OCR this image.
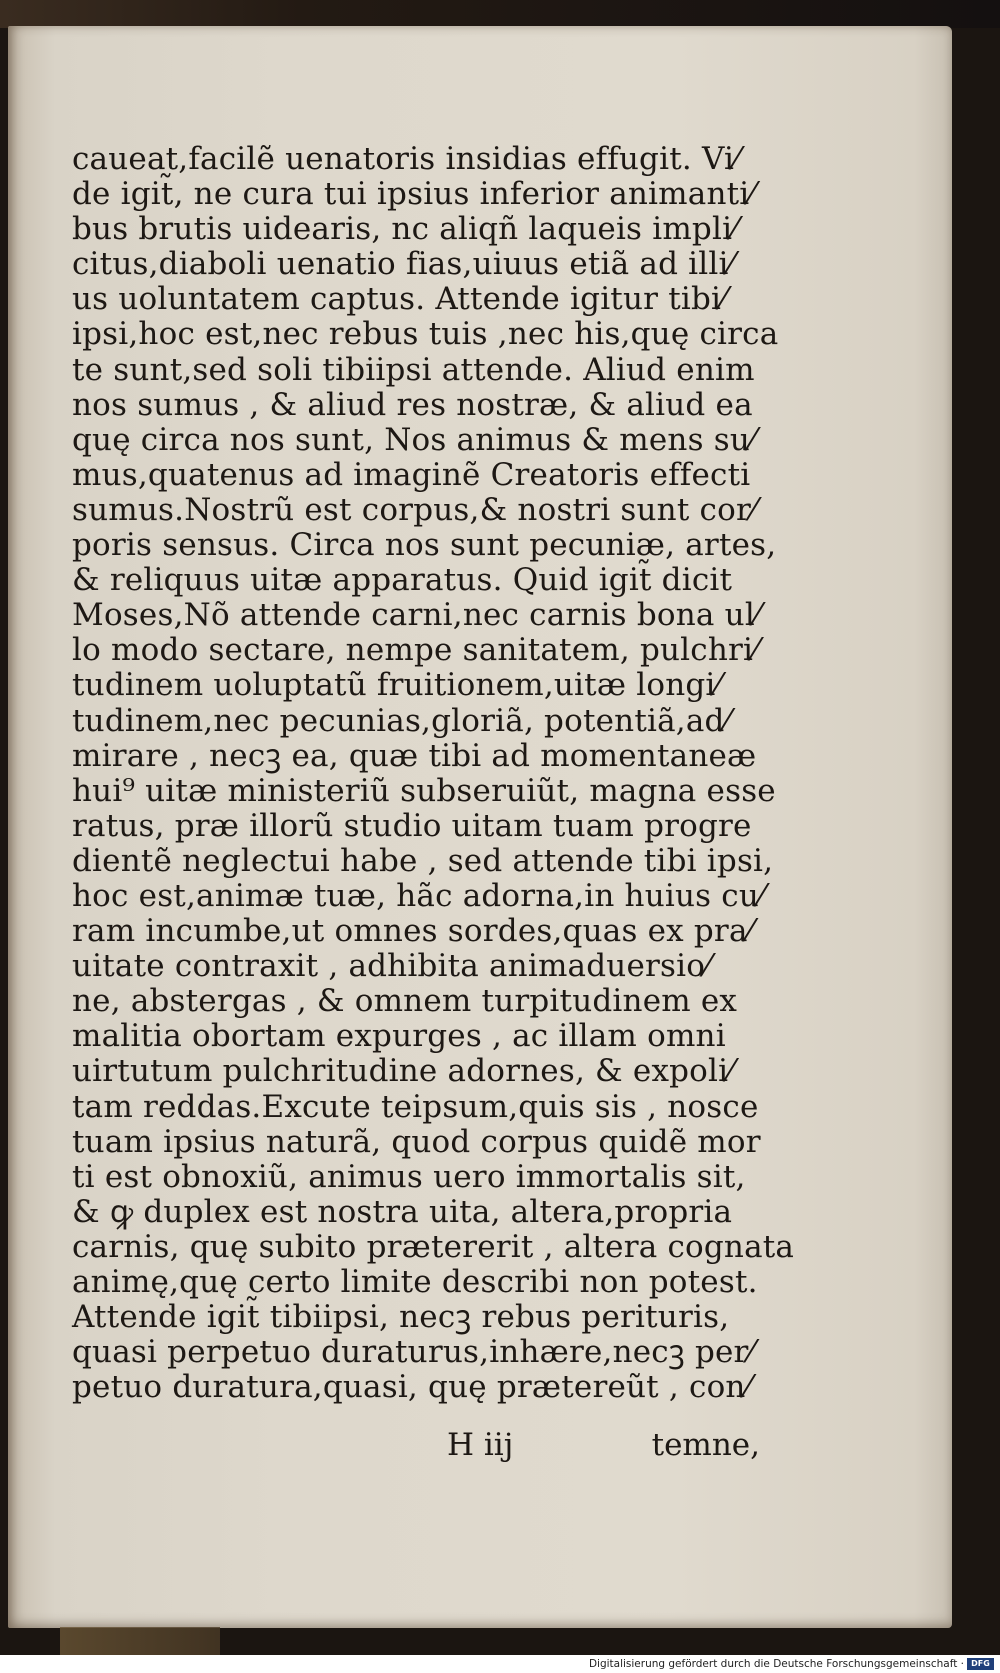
caueat,facilẽ uenatoris insidias effugit. Vi⁄
de igit̃, ne cura tui ipsius inferior animanti⁄
bus brutis uidearis, nc aliqñ laqueis impli⁄
citus,diaboli uenatio fias,uiuus etiã ad illi⁄
us uoluntatem captus. Attende igitur tibi⁄
ipsi,hoc est,nec rebus tuis ,nec his,quę circa
te sunt,sed soli tibiipsi attende. Aliud enim
nos sumus , & aliud res nostræ, & aliud ea
quę circa nos sunt, Nos animus & mens su⁄
mus,quatenus ad imaginẽ Creatoris effecti
sumus.Nostrũ est corpus,& nostri sunt cor⁄
poris sensus. Circa nos sunt pecuniæ, artes,
& reliquus uitæ apparatus. Quid igit̃ dicit
Moses,Nõ attende carni,nec carnis bona ul⁄
lo modo sectare, nempe sanitatem, pulchri⁄
tudinem uoluptatũ fruitionem,uitæ longi⁄
tudinem,nec pecunias,gloriã, potentiã,ad⁄
mirare , necꝫ ea, quæ tibi ad momentaneæ
hui⁹ uitæ ministeriũ subseruiũt, magna esse
ratus, præ illorũ studio uitam tuam progre
dientẽ neglectui habe , sed attende tibi ipsi,
hoc est,animæ tuæ, hãc adorna,in huius cu⁄
ram incumbe,ut omnes sordes,quas ex pra⁄
uitate contraxit , adhibita animaduersio⁄
ne, abstergas , & omnem turpitudinem ex
malitia obortam expurges , ac illam omni
uirtutum pulchritudine adornes, & expoli⁄
tam reddas.Excute teipsum,quis sis , nosce
tuam ipsius naturã, quod corpus quidẽ mor
ti est obnoxiũ, animus uero immortalis sit,
& ꝙ duplex est nostra uita, altera,propria
carnis, quę subito prætererit , altera cognata
animę,quę certo limite describi non potest.
Attende igit̃ tibiipsi, necꝫ rebus perituris,
quasi perpetuo duraturus,inhære,necꝫ per⁄
petuo duratura,quasi, quę prætereũt , con⁄
H iij	temne,
Digitalisierung gefördert durch die Deutsche Forschungsgemeinschaft · DFG
